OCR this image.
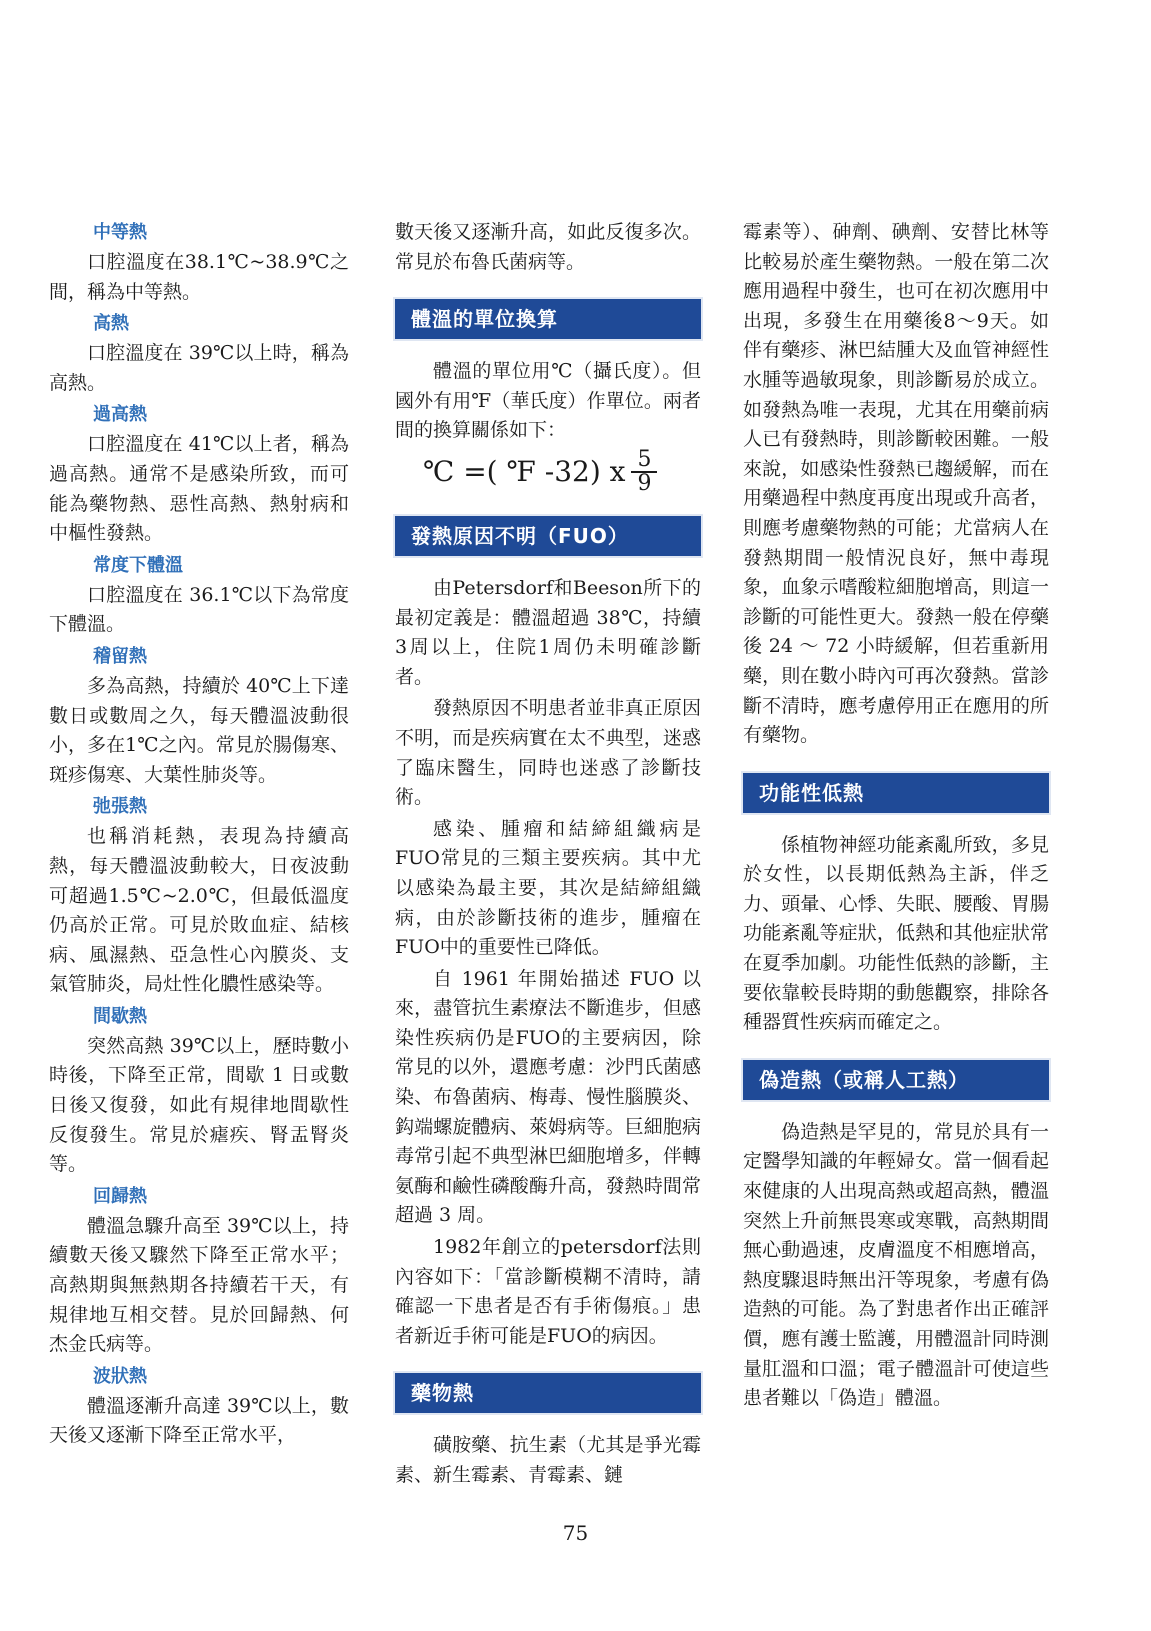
中等熱

口腔溫度在38.1℃~38.9℃之間，稱為中等熱。

高熱

口腔溫度在 39℃以上時，稱為高熱。

過高熱

口腔溫度在 41℃以上者，稱為過高熱。通常不是感染所致，而可能為藥物熱、惡性高熱、熱射病和中樞性發熱。

常度下體溫

口腔溫度在 36.1℃以下為常度下體溫。

稽留熱

多為高熱，持續於 40℃上下達數日或數周之久，每天體溫波動很小，多在1℃之內。常見於腸傷寒、斑疹傷寒、大葉性肺炎等。

弛張熱

也稱消耗熱，表現為持續高熱，每天體溫波動較大，日夜波動可超過1.5℃~2.0℃，但最低溫度仍高於正常。可見於敗血症、結核病、風濕熱、亞急性心內膜炎、支氣管肺炎，局灶性化膿性感染等。

間歇熱

突然高熱 39℃以上，歷時數小時後，下降至正常，間歇 1 日或數日後又復發，如此有規律地間歇性反復發生。常見於瘧疾、腎盂腎炎等。

回歸熱

體溫急驟升高至 39℃以上，持續數天後又驟然下降至正常水平；高熱期與無熱期各持續若干天，有規律地互相交替。見於回歸熱、何杰金氏病等。

波狀熱

體溫逐漸升高達 39℃以上，數天後又逐漸下降至正常水平，

數天後又逐漸升高，如此反復多次。常見於布魯氏菌病等。

體溫的單位換算

體溫的單位用℃（攝氏度）。但國外有用℉（華氏度）作單位。兩者間的換算關係如下：

℃ =( ℉ -32) x $\frac{5}{9}$
發熱原因不明（FUO）

由Petersdorf和Beeson所下的最初定義是：體溫超過 38℃，持續3周以上，住院1周仍未明確診斷者。

發熱原因不明患者並非真正原因不明，而是疾病實在太不典型，迷惑了臨床醫生，同時也迷惑了診斷技術。

感染、腫瘤和結締組織病是FUO常見的三類主要疾病。其中尤以感染為最主要，其次是結締組織病，由於診斷技術的進步，腫瘤在FUO中的重要性已降低。

自 1961 年開始描述 FUO 以來，盡管抗生素療法不斷進步，但感染性疾病仍是FUO的主要病因，除常見的以外，還應考慮：沙門氏菌感染、布魯菌病、梅毒、慢性腦膜炎、鈎端螺旋體病、萊姆病等。巨細胞病毒常引起不典型淋巴細胞增多，伴轉氨酶和鹼性磷酸酶升高，發熱時間常超過 3 周。

1982年創立的petersdorf法則內容如下：「當診斷模糊不清時，請確認一下患者是否有手術傷痕。」患者新近手術可能是FUO的病因。

藥物熱

磺胺藥、抗生素（尤其是爭光霉素、新生霉素、青霉素、鏈

霉素等）、砷劑、碘劑、安替比林等比較易於產生藥物熱。一般在第二次應用過程中發生，也可在初次應用中出現，多發生在用藥後8～9天。如伴有藥疹、淋巴結腫大及血管神經性水腫等過敏現象，則診斷易於成立。如發熱為唯一表現，尤其在用藥前病人已有發熱時，則診斷較困難。一般來說，如感染性發熱已趨緩解，而在用藥過程中熱度再度出現或升高者，則應考慮藥物熱的可能；尤當病人在發熱期間一般情況良好，無中毒現象，血象示嗜酸粒細胞增高，則這一診斷的可能性更大。發熱一般在停藥後 24 ～ 72 小時緩解，但若重新用藥，則在數小時內可再次發熱。當診斷不清時，應考慮停用正在應用的所有藥物。

功能性低熱

係植物神經功能紊亂所致，多見於女性，以長期低熱為主訴，伴乏力、頭暈、心悸、失眠、腰酸、胃腸功能紊亂等症狀，低熱和其他症狀常在夏季加劇。功能性低熱的診斷，主要依靠較長時期的動態觀察，排除各種器質性疾病而確定之。

偽造熱（或稱人工熱）

偽造熱是罕見的，常見於具有一定醫學知識的年輕婦女。當一個看起來健康的人出現高熱或超高熱，體溫突然上升前無畏寒或寒戰，高熱期間無心動過速，皮膚溫度不相應增高，熱度驟退時無出汗等現象，考慮有偽造熱的可能。為了對患者作出正確評價，應有護士監護，用體溫計同時測量肛溫和口溫；電子體溫計可使這些患者難以「偽造」體溫。

75
